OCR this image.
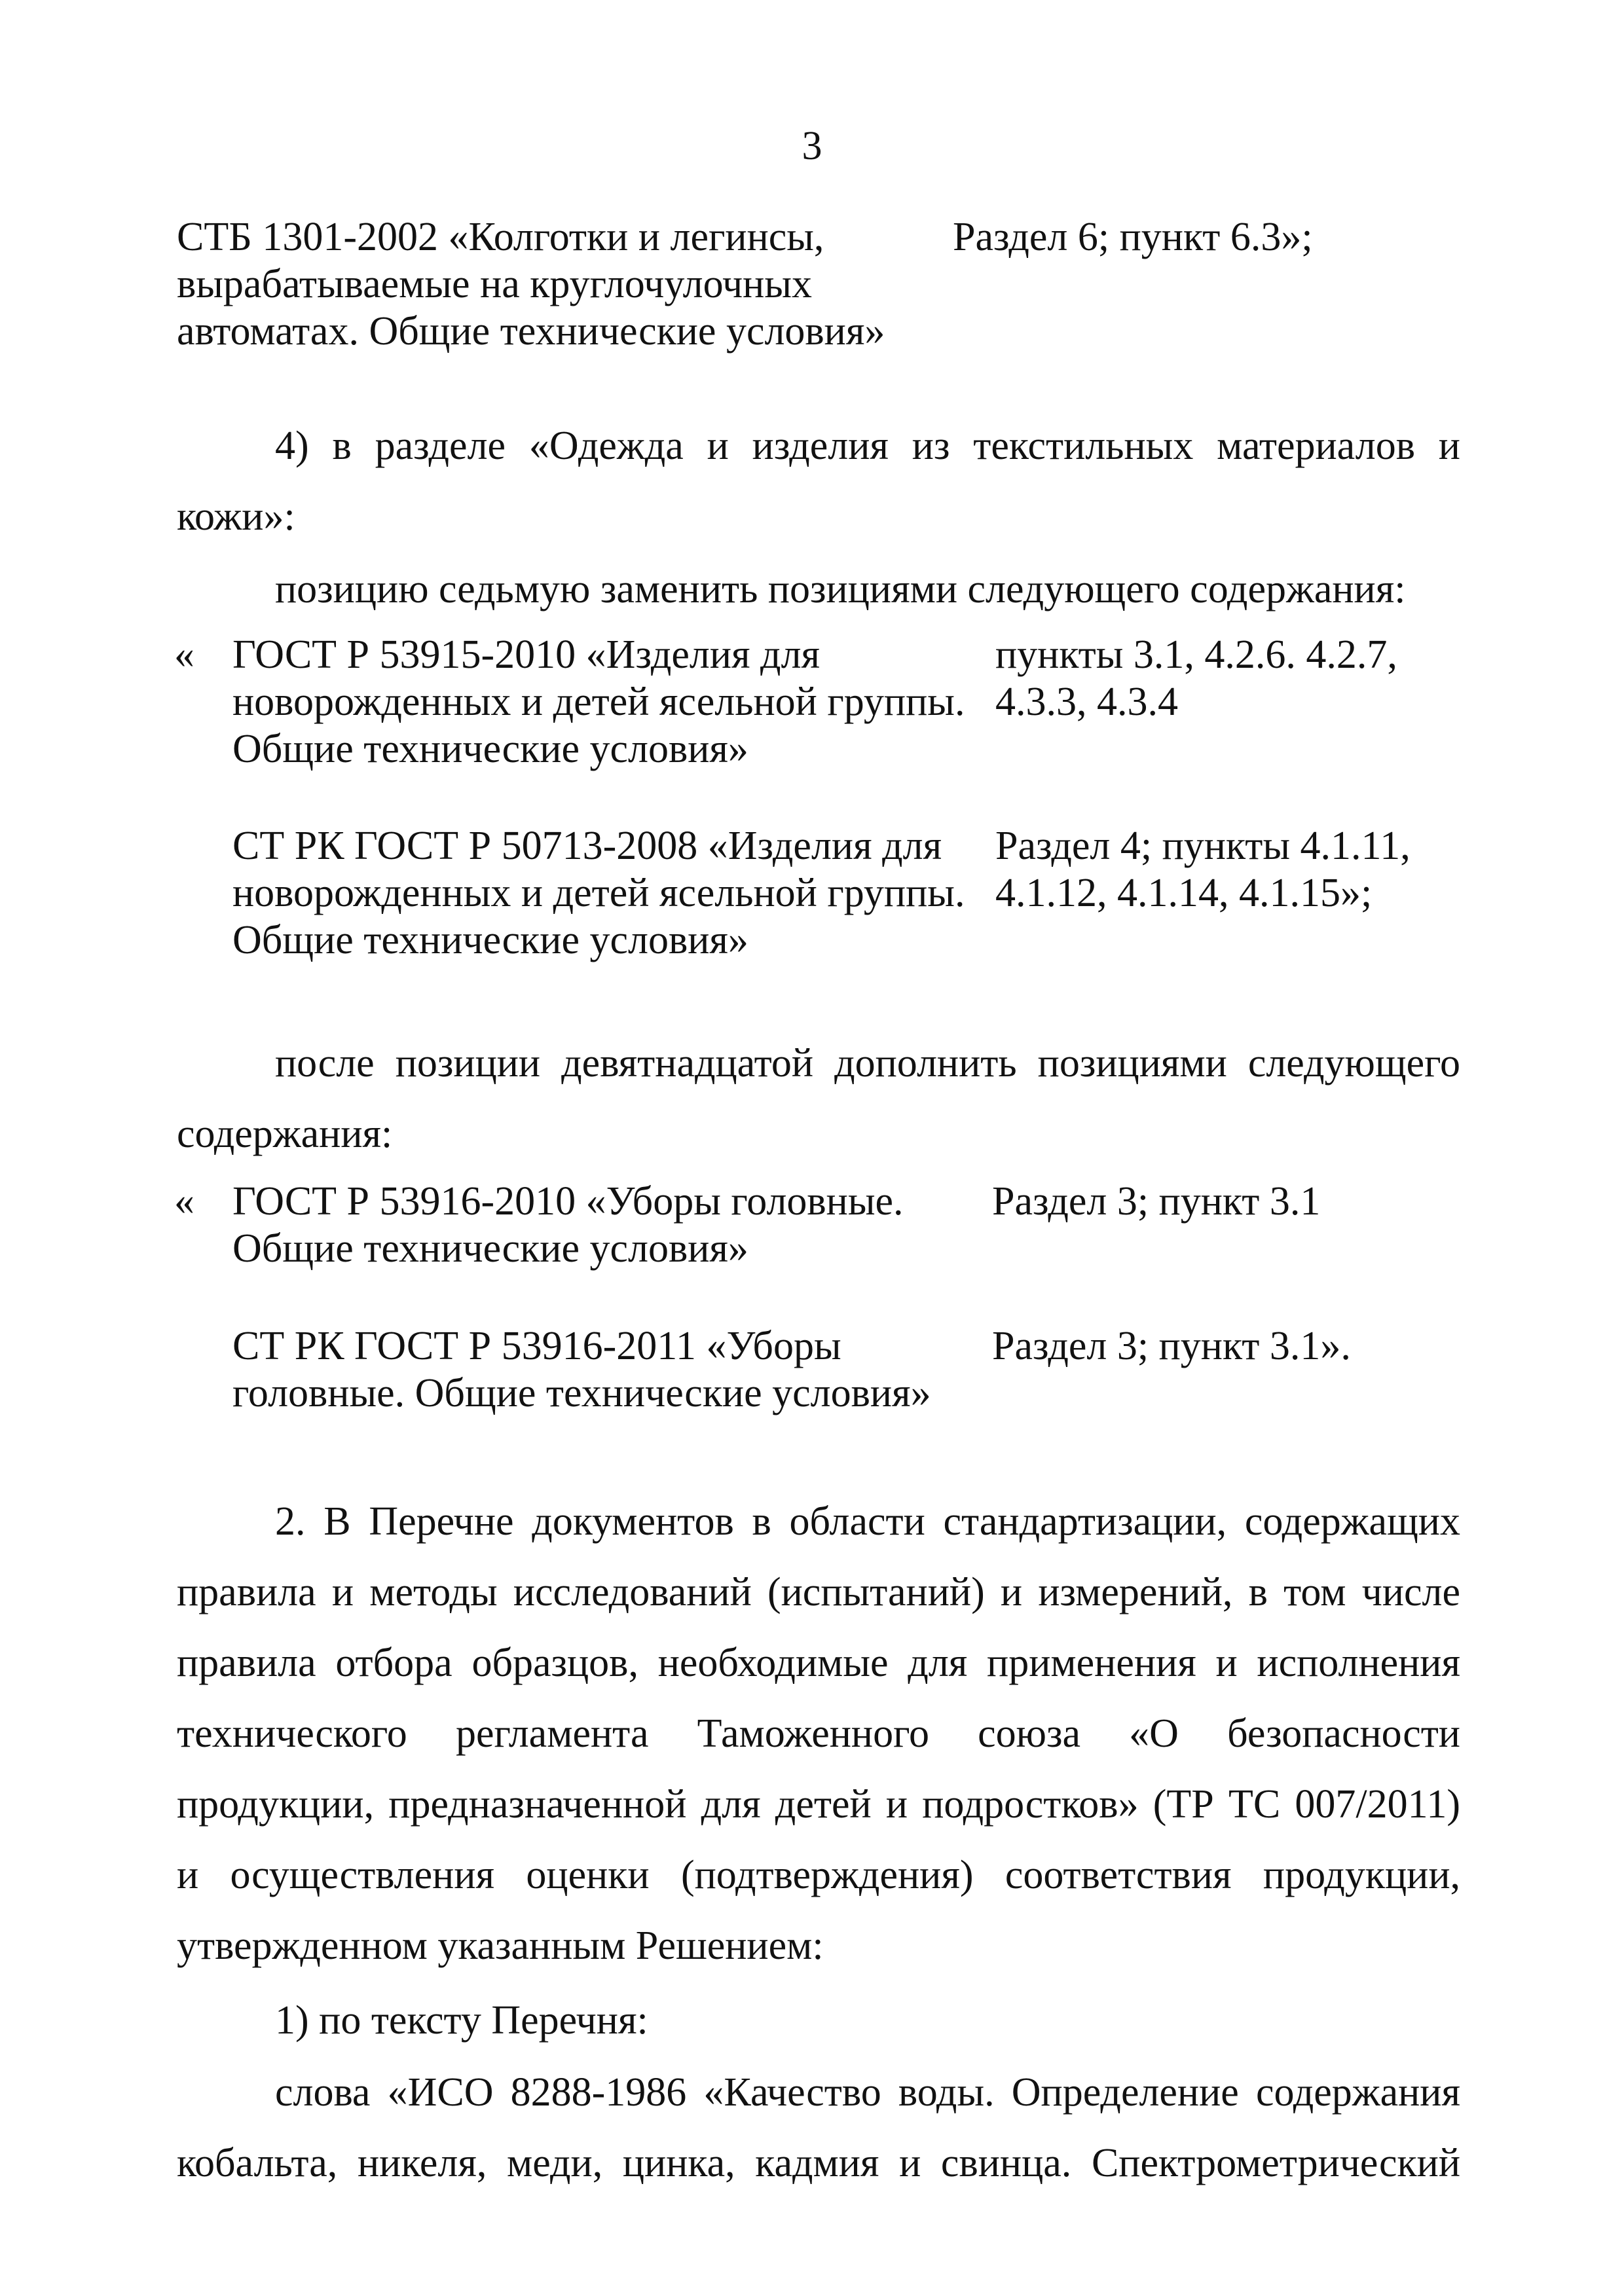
3
СТБ 1301-2002 «Колготки и легинсы,
вырабатываемые на круглочулочных
автоматах. Общие технические условия»
Раздел 6; пункт 6.3»;
4) в разделе «Одежда и изделия из текстильных материалов и
кожи»:
позицию седьмую заменить позициями следующего содержания:
« ГОСТ Р 53915-2010 «Изделия для
новорожденных и детей ясельной группы.
Общие технические условия»
пункты 3.1, 4.2.6. 4.2.7,
4.3.3, 4.3.4
СТ РК ГОСТ Р 50713-2008 «Изделия для
новорожденных и детей ясельной группы.
Общие технические условия»
Раздел 4; пункты 4.1.11,
4.1.12, 4.1.14, 4.1.15»;
после позиции девятнадцатой дополнить позициями следующего
содержания:
« ГОСТ Р 53916-2010 «Уборы головные.
Общие технические условия»
Раздел 3; пункт 3.1
СТ РК ГОСТ Р 53916-2011 «Уборы
головные. Общие технические условия»
Раздел 3; пункт 3.1».
2. В Перечне документов в области стандартизации, содержащих
правила и методы исследований (испытаний) и измерений, в том числе
правила отбора образцов, необходимые для применения и исполнения
технического регламента Таможенного союза «О безопасности
продукции, предназначенной для детей и подростков» (ТР ТС 007/2011)
и осуществления оценки (подтверждения) соответствия продукции,
утвержденном указанным Решением:
1) по тексту Перечня:
слова «ИСО 8288-1986 «Качество воды. Определение содержания
кобальта, никеля, меди, цинка, кадмия и свинца. Спектрометрический
